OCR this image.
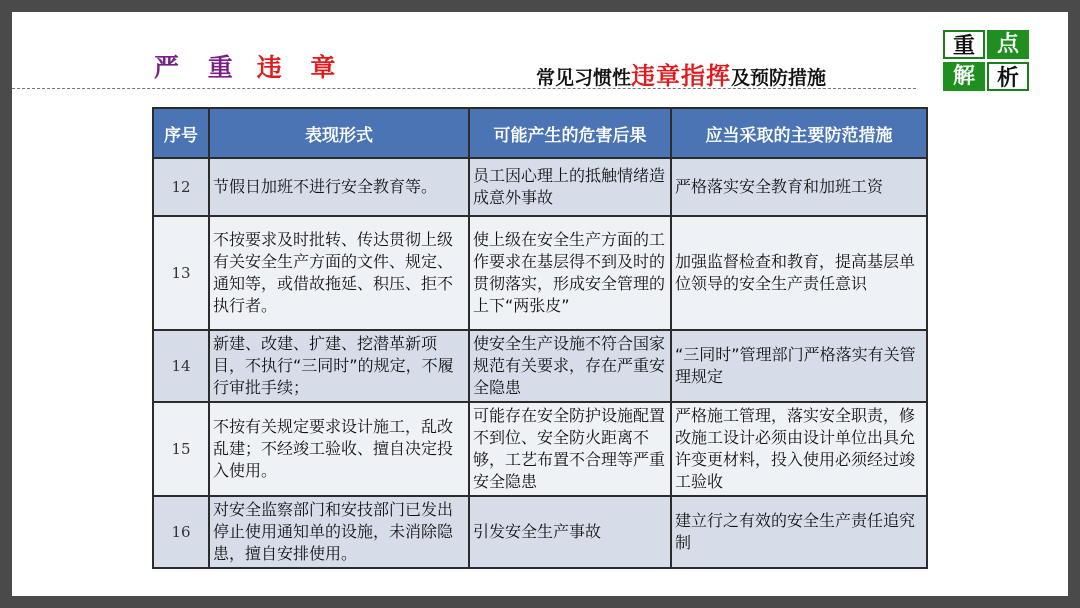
严 重 违 章	常见习惯性违章指挥及预防措施
重 点
解 析
序号	表现形式	可能产生的危害后果	应当采取的主要防范措施
12	节假日加班不进行安全教育等。	员工因心理上的抵触情绪造成意外事故	严格落实安全教育和加班工资
13	不按要求及时批转、传达贯彻上级有关安全生产方面的文件、规定、通知等，或借故拖延、积压、拒不执行者。	使上级在安全生产方面的工作要求在基层得不到及时的贯彻落实，形成安全管理的上下“两张皮”	加强监督检查和教育，提高基层单位领导的安全生产责任意识
14	新建、改建、扩建、挖潜革新项目，不执行“三同时”的规定，不履行审批手续；	使安全生产设施不符合国家规范有关要求，存在严重安全隐患	“三同时”管理部门严格落实有关管理规定
15	不按有关规定要求设计施工，乱改乱建；不经竣工验收、擅自决定投入使用。	可能存在安全防护设施配置不到位、安全防火距离不够，工艺布置不合理等严重安全隐患	严格施工管理，落实安全职责，修改施工设计必须由设计单位出具允许变更材料，投入使用必须经过竣工验收
16	对安全监察部门和安技部门已发出停止使用通知单的设施，未消除隐患，擅自安排使用。	引发安全生产事故	建立行之有效的安全生产责任追究制
